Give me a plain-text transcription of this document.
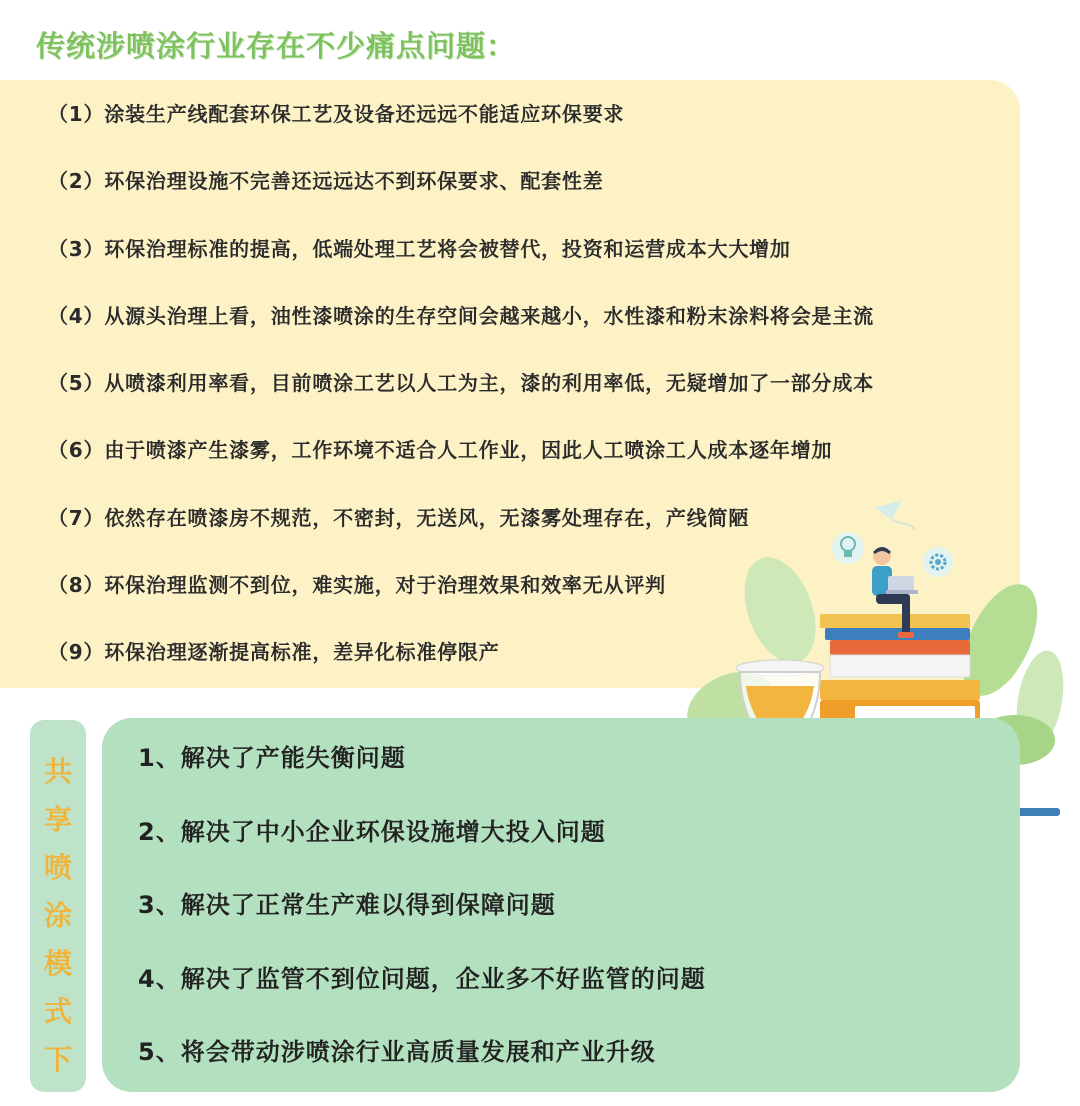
传统涉喷涂行业存在不少痛点问题：
（1）涂装生产线配套环保工艺及设备还远远不能适应环保要求
（2）环保治理设施不完善还远远达不到环保要求、配套性差
（3）环保治理标准的提高，低端处理工艺将会被替代，投资和运营成本大大增加
（4）从源头治理上看，油性漆喷涂的生存空间会越来越小，水性漆和粉末涂料将会是主流
（5）从喷漆利用率看，目前喷涂工艺以人工为主，漆的利用率低，无疑增加了一部分成本
（6）由于喷漆产生漆雾，工作环境不适合人工作业，因此人工喷涂工人成本逐年增加
（7）依然存在喷漆房不规范，不密封，无送风，无漆雾处理存在，产线简陋
（8）环保治理监测不到位，难实施，对于治理效果和效率无从评判
（9）环保治理逐渐提高标准，差异化标准停限产
共
享
喷
涂
模
式
下
1、解决了产能失衡问题
2、解决了中小企业环保设施增大投入问题
3、解决了正常生产难以得到保障问题
4、解决了监管不到位问题，企业多不好监管的问题
5、将会带动涉喷涂行业高质量发展和产业升级
